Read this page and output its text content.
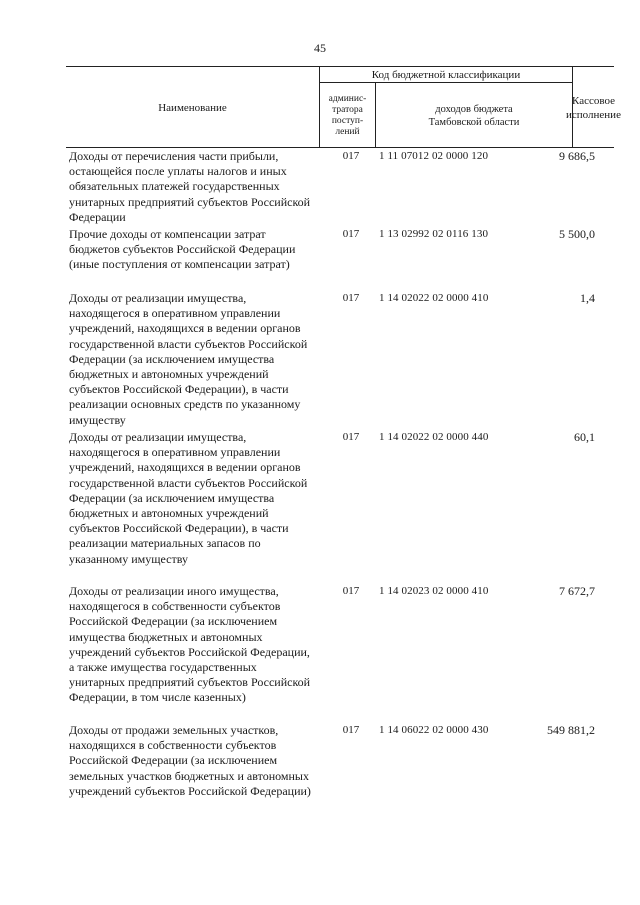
45
Наименование
Код бюджетной классификации
админис-
тратора
поступ-
лений
доходов бюджета
Тамбовской области
Кассовое
исполнение
Доходы от перечисления части прибыли, остающейся после уплаты налогов и иных обязательных платежей государственных унитарных предприятий субъектов Российской Федерации
017 1 11 07012 02 0000 120	9 686,5
Прочие доходы от компенсации затрат бюджетов субъектов Российской Федерации (иные поступления от компенсации затрат)
017 1 13 02992 02 0116 130	5 500,0
Доходы от реализации имущества, находящегося в оперативном управлении учреждений, находящихся в ведении органов государственной власти субъектов Российской Федерации (за исключением имущества бюджетных и автономных учреждений субъектов Российской Федерации), в части реализации основных средств по указанному имуществу
017 1 14 02022 02 0000 410	1,4
Доходы от реализации имущества, находящегося в оперативном управлении учреждений, находящихся в ведении органов государственной власти субъектов Российской Федерации (за исключением имущества бюджетных и автономных учреждений субъектов Российской Федерации), в части реализации материальных запасов по указанному имуществу
017 1 14 02022 02 0000 440	60,1
Доходы от реализации иного имущества, находящегося в собственности субъектов Российской Федерации (за исключением имущества бюджетных и автономных учреждений субъектов Российской Федерации, а также имущества государственных унитарных предприятий субъектов Российской Федерации, в том числе казенных)
017 1 14 02023 02 0000 410	7 672,7
Доходы от продажи земельных участков, находящихся в собственности субъектов Российской Федерации (за исключением земельных участков бюджетных и автономных учреждений субъектов Российской Федерации)
017 1 14 06022 02 0000 430	549 881,2
